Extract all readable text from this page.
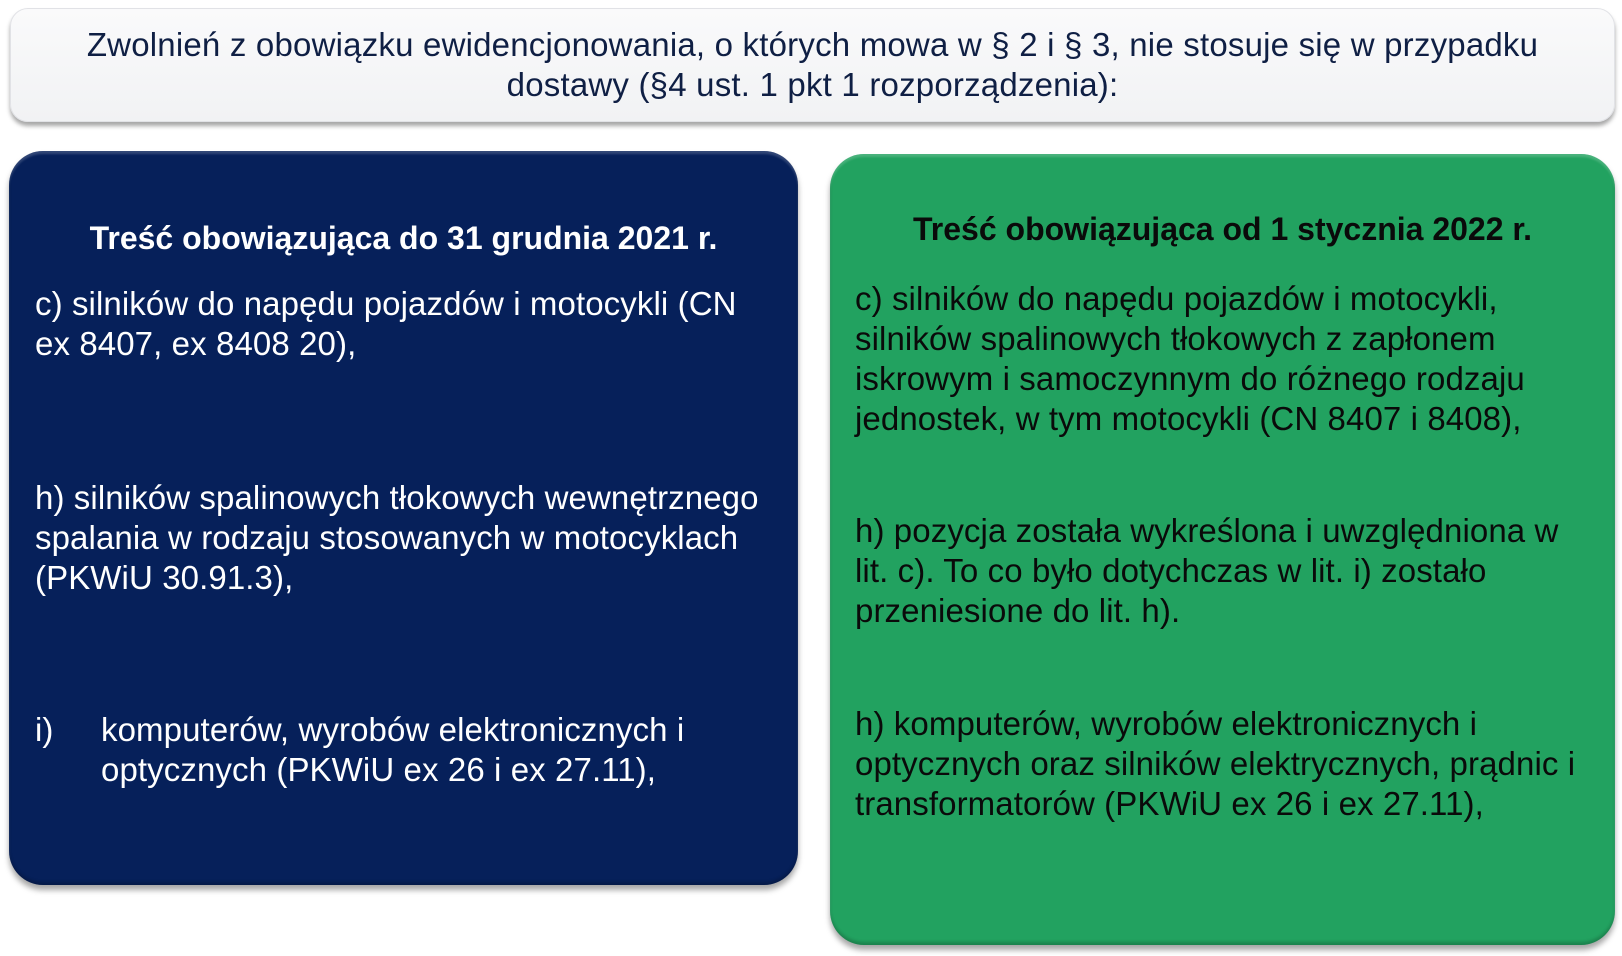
Zwolnień z obowiązku ewidencjonowania, o których mowa w § 2 i § 3, nie stosuje się w przypadku dostawy (§4 ust. 1 pkt 1 rozporządzenia):
Treść obowiązująca do 31 grudnia 2021 r.
c) silników do napędu pojazdów i motocykli (CN ex 8407, ex 8408 20),
h) silników spalinowych tłokowych wewnętrznego spalania w rodzaju stosowanych w motocyklach (PKWiU 30.91.3),
i)	komputerów, wyrobów elektronicznych i optycznych (PKWiU ex 26 i ex 27.11),
Treść obowiązująca od 1 stycznia 2022 r.
c) silników do napędu pojazdów i motocykli, silników spalinowych tłokowych z zapłonem iskrowym i samoczynnym do różnego rodzaju jednostek, w tym motocykli (CN 8407 i 8408),
h) pozycja została wykreślona i uwzględniona w lit. c). To co było dotychczas w lit. i) zostało przeniesione do lit. h).
h) komputerów, wyrobów elektronicznych i optycznych oraz silników elektrycznych, prądnic i transformatorów (PKWiU ex 26 i ex 27.11),
